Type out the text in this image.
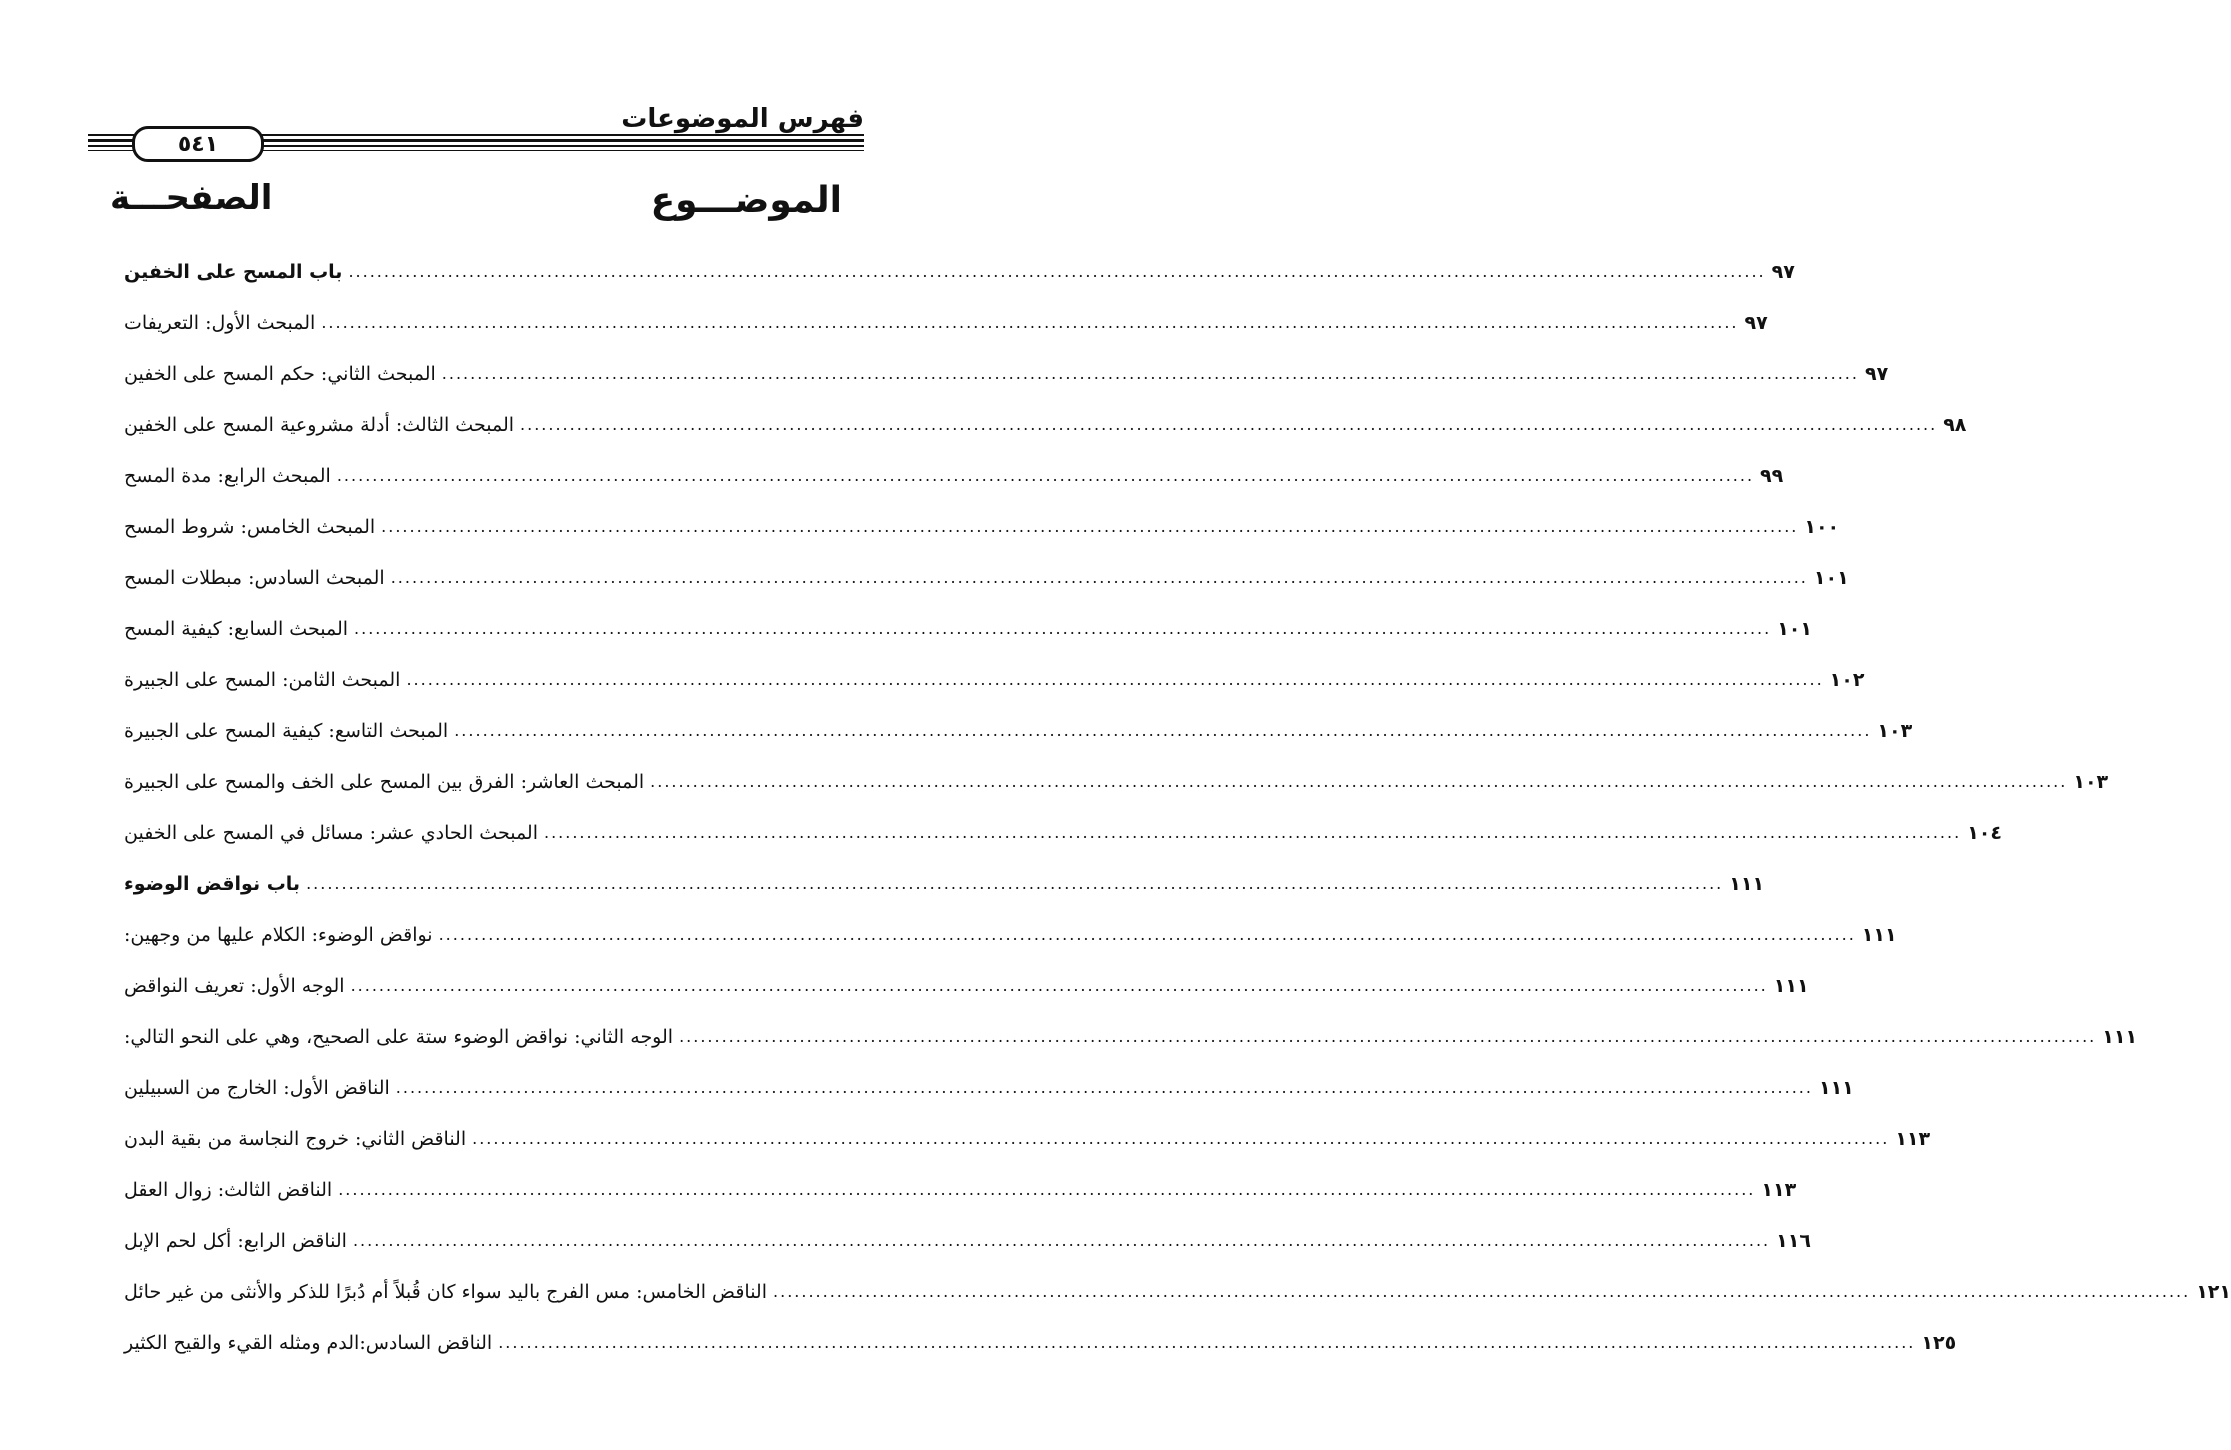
فهرس الموضوعات
٥٤١
الموضـــوع
الصفحـــة
باب المسح على الخفين ........................................................................................................................................................................................................ ٩٧
المبحث الأول: التعريفات ........................................................................................................................................................................................................ ٩٧
المبحث الثاني: حكم المسح على الخفين ........................................................................................................................................................................................................ ٩٧
المبحث الثالث: أدلة مشروعية المسح على الخفين ........................................................................................................................................................................................................ ٩٨
المبحث الرابع: مدة المسح ........................................................................................................................................................................................................ ٩٩
المبحث الخامس: شروط المسح ........................................................................................................................................................................................................ ١٠٠
المبحث السادس: مبطلات المسح ........................................................................................................................................................................................................ ١٠١
المبحث السابع: كيفية المسح ........................................................................................................................................................................................................ ١٠١
المبحث الثامن: المسح على الجبيرة ........................................................................................................................................................................................................ ١٠٢
المبحث التاسع: كيفية المسح على الجبيرة ........................................................................................................................................................................................................ ١٠٣
المبحث العاشر: الفرق بين المسح على الخف والمسح على الجبيرة ........................................................................................................................................................................................................ ١٠٣
المبحث الحادي عشر: مسائل في المسح على الخفين ........................................................................................................................................................................................................ ١٠٤
باب نواقض الوضوء ........................................................................................................................................................................................................ ١١١
نواقض الوضوء: الكلام عليها من وجهين: ........................................................................................................................................................................................................ ١١١
الوجه الأول: تعريف النواقض ........................................................................................................................................................................................................ ١١١
الوجه الثاني: نواقض الوضوء ستة على الصحيح، وهي على النحو التالي: ........................................................................................................................................................................................................ ١١١
الناقض الأول: الخارج من السبيلين ........................................................................................................................................................................................................ ١١١
الناقض الثاني: خروج النجاسة من بقية البدن ........................................................................................................................................................................................................ ١١٣
الناقض الثالث: زوال العقل ........................................................................................................................................................................................................ ١١٣
الناقض الرابع: أكل لحم الإبل ........................................................................................................................................................................................................ ١١٦
الناقض الخامس: مس الفرج باليد سواء كان قُبلاً أم دُبرًا للذكر والأنثى من غير حائل ........................................................................................................................................................................................................ ١٢١
الناقض السادس:الدم ومثله القيء والقيح الكثير ........................................................................................................................................................................................................ ١٢٥
